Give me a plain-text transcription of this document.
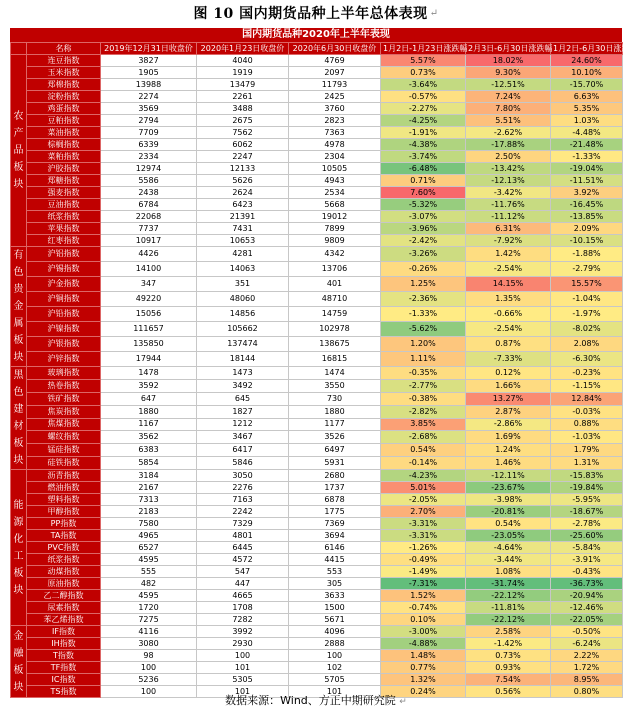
图 10 国内期货品种上半年总体表现 ↵
国内期货品种2020年上半年表现
	名称	2019年12月31日收盘价	2020年1月23日收盘价	2020年6月30日收盘价	1月2日-1月23日涨跌幅	2月3日-6月30日涨跌幅	1月2日-6月30日涨跌幅
农产品板块	连豆指数	3827	4040	4769	5.57%	18.02%	24.60%
	玉米指数	1905	1919	2097	0.73%	9.30%	10.10%
	郑棉指数	13988	13479	11793	-3.64%	-12.51%	-15.70%
	淀粉指数	2274	2261	2425	-0.57%	7.24%	6.63%
	鸡蛋指数	3569	3488	3760	-2.27%	7.80%	5.35%
	豆粕指数	2794	2675	2823	-4.25%	5.51%	1.03%
	菜油指数	7709	7562	7363	-1.91%	-2.62%	-4.48%
	棕榈指数	6339	6062	4978	-4.38%	-17.88%	-21.48%
	菜粕指数	2334	2247	2304	-3.74%	2.50%	-1.33%
	沪胶指数	12974	12133	10505	-6.48%	-13.42%	-19.04%
	郑糖指数	5586	5626	4943	0.71%	-12.13%	-11.51%
	强麦指数	2438	2624	2534	7.60%	-3.42%	3.92%
	豆油指数	6784	6423	5668	-5.32%	-11.76%	-16.45%
	纸浆指数	22068	21391	19012	-3.07%	-11.12%	-13.85%
	苹果指数	7737	7431	7899	-3.96%	6.31%	2.09%
	红枣指数	10917	10653	9809	-2.42%	-7.92%	-10.15%
有色贵金属板块	沪铝指数	4426	4281	4342	-3.26%	1.42%	-1.88%
	沪锡指数	14100	14063	13706	-0.26%	-2.54%	-2.79%
	沪金指数	347	351	401	1.25%	14.15%	15.57%
	沪铜指数	49220	48060	48710	-2.36%	1.35%	-1.04%
	沪铅指数	15056	14856	14759	-1.33%	-0.66%	-1.97%
	沪镍指数	111657	105662	102978	-5.62%	-2.54%	-8.02%
	沪银指数	135850	137474	138675	1.20%	0.87%	2.08%
	沪锌指数	17944	18144	16815	1.11%	-7.33%	-6.30%
黑色建材板块	玻璃指数	1478	1473	1474	-0.35%	0.12%	-0.23%
	热卷指数	3592	3492	3550	-2.77%	1.66%	-1.15%
	铁矿指数	647	645	730	-0.38%	13.27%	12.84%
	焦炭指数	1880	1827	1880	-2.82%	2.87%	-0.03%
	焦煤指数	1167	1212	1177	3.85%	-2.86%	0.88%
	螺纹指数	3562	3467	3526	-2.68%	1.69%	-1.03%
	锰硅指数	6383	6417	6497	0.54%	1.24%	1.79%
	硅铁指数	5854	5846	5931	-0.14%	1.46%	1.31%
能源化工板块	沥青指数	3184	3050	2680	-4.23%	-12.11%	-15.83%
	燃油指数	2167	2276	1737	5.01%	-23.67%	-19.84%
	塑料指数	7313	7163	6878	-2.05%	-3.98%	-5.95%
	甲醇指数	2183	2242	1775	2.70%	-20.81%	-18.67%
	PP指数	7580	7329	7369	-3.31%	0.54%	-2.78%
	TA指数	4965	4801	3694	-3.31%	-23.05%	-25.60%
	PVC指数	6527	6445	6146	-1.26%	-4.64%	-5.84%
	纸浆指数	4595	4572	4415	-0.49%	-3.44%	-3.91%
	动煤指数	555	547	553	-1.49%	1.08%	-0.43%
	原油指数	482	447	305	-7.31%	-31.74%	-36.73%
	乙二醇指数	4595	4665	3633	1.52%	-22.12%	-20.94%
	尿素指数	1720	1708	1500	-0.74%	-11.81%	-12.46%
	苯乙烯指数	7275	7282	5671	0.10%	-22.12%	-22.05%
金融板块	IF指数	4116	3992	4096	-3.00%	2.58%	-0.50%
	IH指数	3080	2930	2888	-4.88%	-1.42%	-6.24%
	T指数	98	100	100	1.48%	0.73%	2.22%
	TF指数	100	101	102	0.77%	0.93%	1.72%
	IC指数	5236	5305	5705	1.32%	7.54%	8.95%
	TS指数	100	101	101	0.24%	0.56%	0.80%
数据来源：Wind、方正中期研究院 ↵
